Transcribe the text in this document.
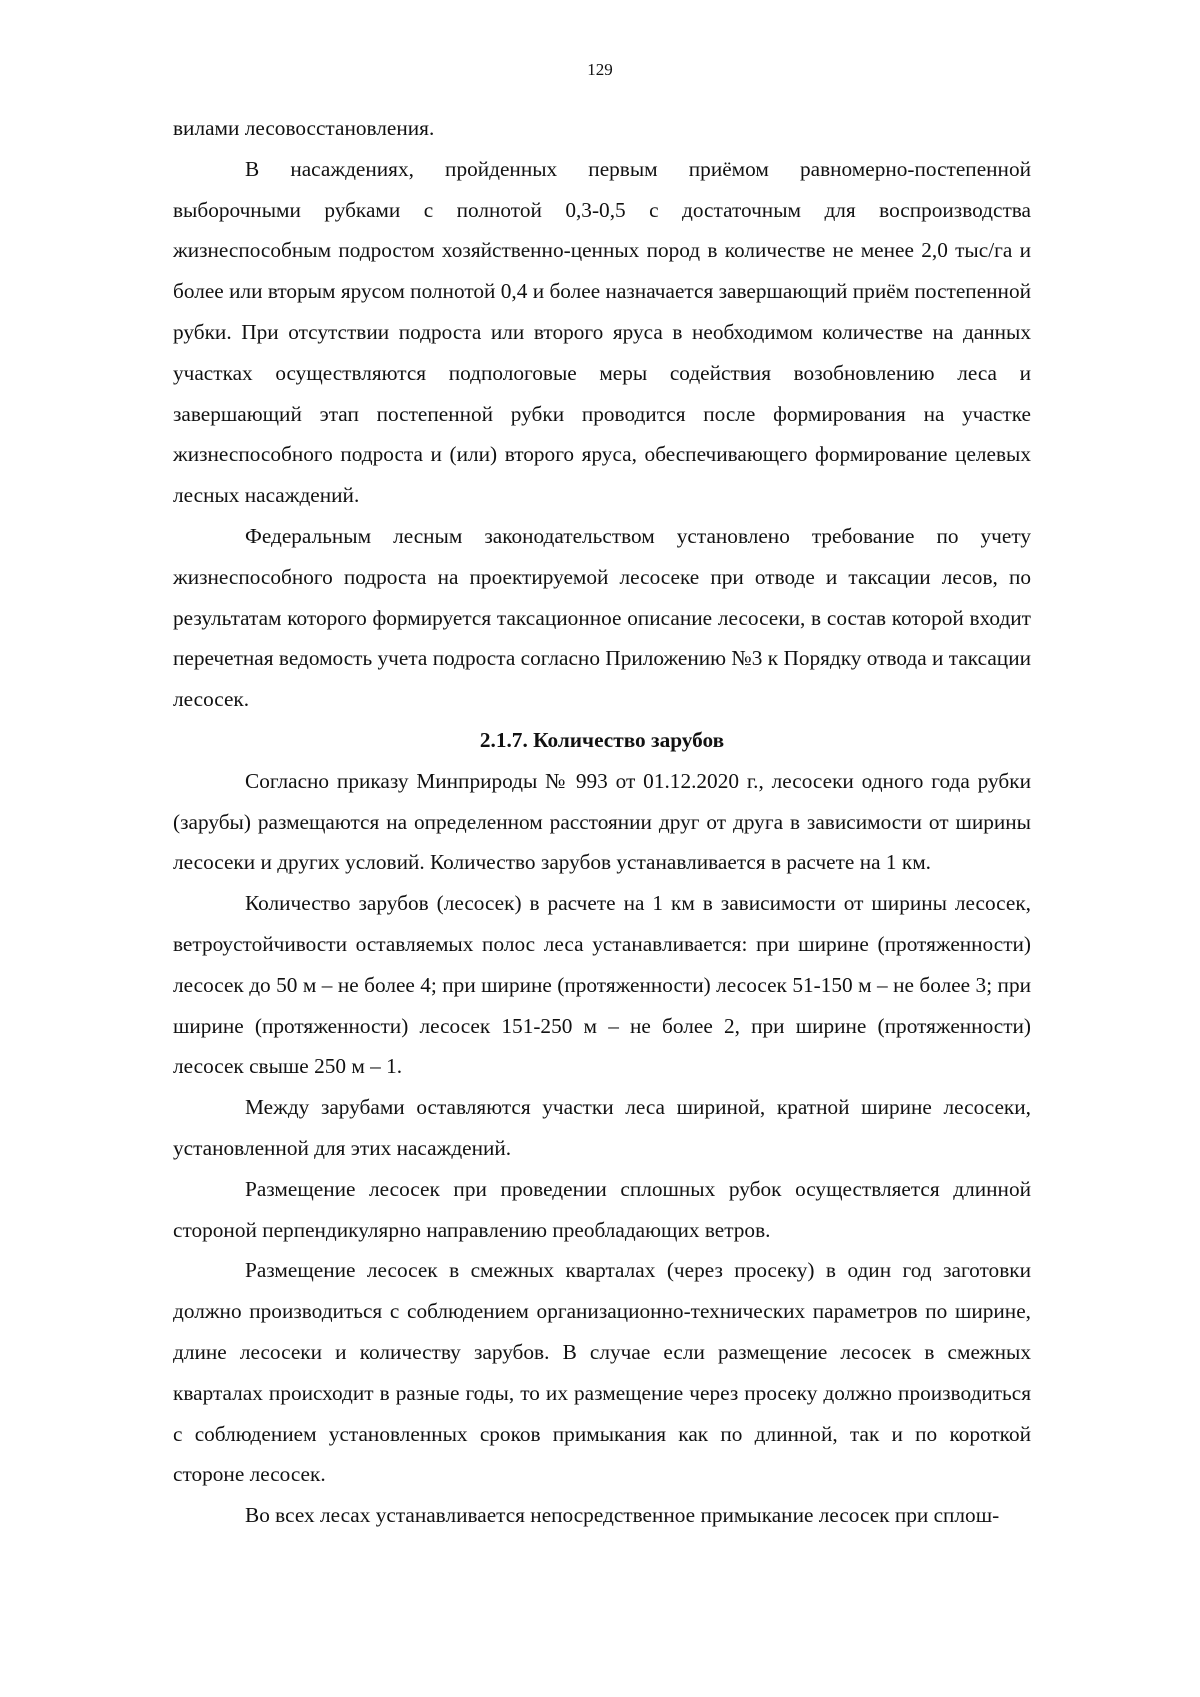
129

вилами лесовосстановления.

В насаждениях, пройденных первым приёмом равномерно-постепенной выборочными рубками с полнотой 0,3-0,5 с достаточным для воспроизводства жизнеспособным подростом хозяйственно-ценных пород в количестве не менее 2,0 тыс/га и более или вторым ярусом полнотой 0,4 и более назначается завершающий приём постепенной рубки. При отсутствии подроста или второго яруса в необходимом количестве на данных участках осуществляются подпологовые меры содействия возобновлению леса и завершающий этап постепенной рубки проводится после формирования на участке жизнеспособного подроста и (или) второго яруса, обеспечивающего формирование целевых лесных насаждений.

Федеральным лесным законодательством установлено требование по учету жизнеспособного подроста на проектируемой лесосеке при отводе и таксации лесов, по результатам которого формируется таксационное описание лесосеки, в состав которой входит перечетная ведомость учета подроста согласно Приложению №3 к Порядку отвода и таксации лесосек.

2.1.7. Количество зарубов

Согласно приказу Минприроды № 993 от 01.12.2020 г., лесосеки одного года рубки (зарубы) размещаются на определенном расстоянии друг от друга в зависимости от ширины лесосеки и других условий. Количество зарубов устанавливается в расчете на 1 км.

Количество зарубов (лесосек) в расчете на 1 км в зависимости от ширины лесосек, ветроустойчивости оставляемых полос леса устанавливается: при ширине (протяженности) лесосек до 50 м – не более 4; при ширине (протяженности) лесосек 51-150 м – не более 3; при ширине (протяженности) лесосек 151-250 м – не более 2, при ширине (протяженности) лесосек свыше 250 м – 1.

Между зарубами оставляются участки леса шириной, кратной ширине лесосеки, установленной для этих насаждений.

Размещение лесосек при проведении сплошных рубок осуществляется длинной стороной перпендикулярно направлению преобладающих ветров.

Размещение лесосек в смежных кварталах (через просеку) в один год заготовки должно производиться с соблюдением организационно-технических параметров по ширине, длине лесосеки и количеству зарубов. В случае если размещение лесосек в смежных кварталах происходит в разные годы, то их размещение через просеку должно производиться с соблюдением установленных сроков примыкания как по длинной, так и по короткой стороне лесосек.

Во всех лесах устанавливается непосредственное примыкание лесосек при сплош-
